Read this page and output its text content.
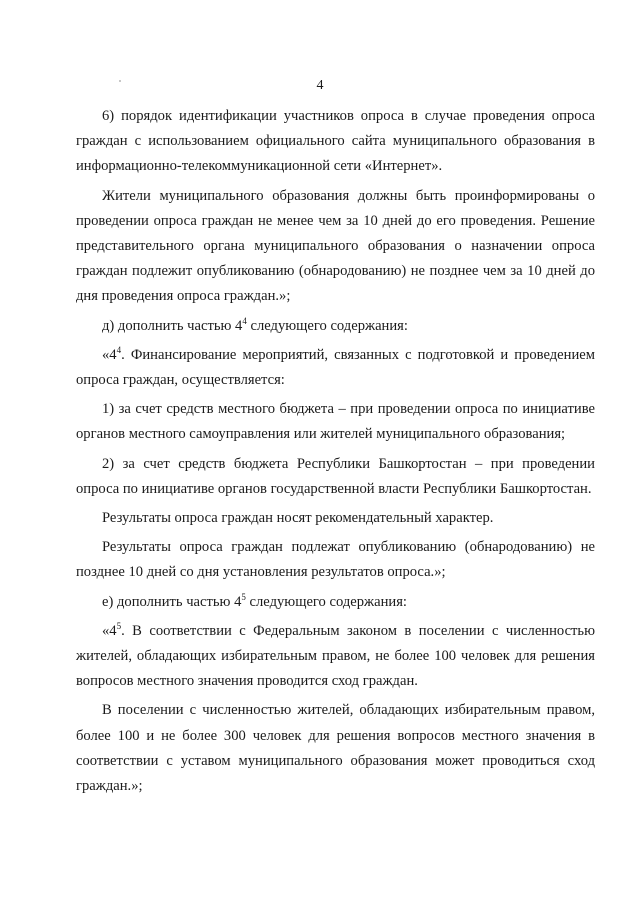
4

6) порядок идентификации участников опроса в случае проведения опроса граждан с использованием официального сайта муниципального образования в информационно-телекоммуникационной сети «Интернет».

Жители муниципального образования должны быть проинформированы о проведении опроса граждан не менее чем за 10 дней до его проведения. Решение представительного органа муниципального образования о назначении опроса граждан подлежит опубликованию (обнародованию) не позднее чем за 10 дней до дня проведения опроса граждан.»;

д) дополнить частью $4^4$ следующего содержания:

«$4^4$. Финансирование мероприятий, связанных с подготовкой и проведением опроса граждан, осуществляется:

1) за счет средств местного бюджета – при проведении опроса по инициативе органов местного самоуправления или жителей муниципального образования;

2) за счет средств бюджета Республики Башкортостан – при проведении опроса по инициативе органов государственной власти Республики Башкортостан.

Результаты опроса граждан носят рекомендательный характер.

Результаты опроса граждан подлежат опубликованию (обнародованию) не позднее 10 дней со дня установления результатов опроса.»;

е) дополнить частью $4^5$ следующего содержания:

«$4^5$. В соответствии с Федеральным законом в поселении с численностью жителей, обладающих избирательным правом, не более 100 человек для решения вопросов местного значения проводится сход граждан.

В поселении с численностью жителей, обладающих избирательным правом, более 100 и не более 300 человек для решения вопросов местного значения в соответствии с уставом муниципального образования может проводиться сход граждан.»;
